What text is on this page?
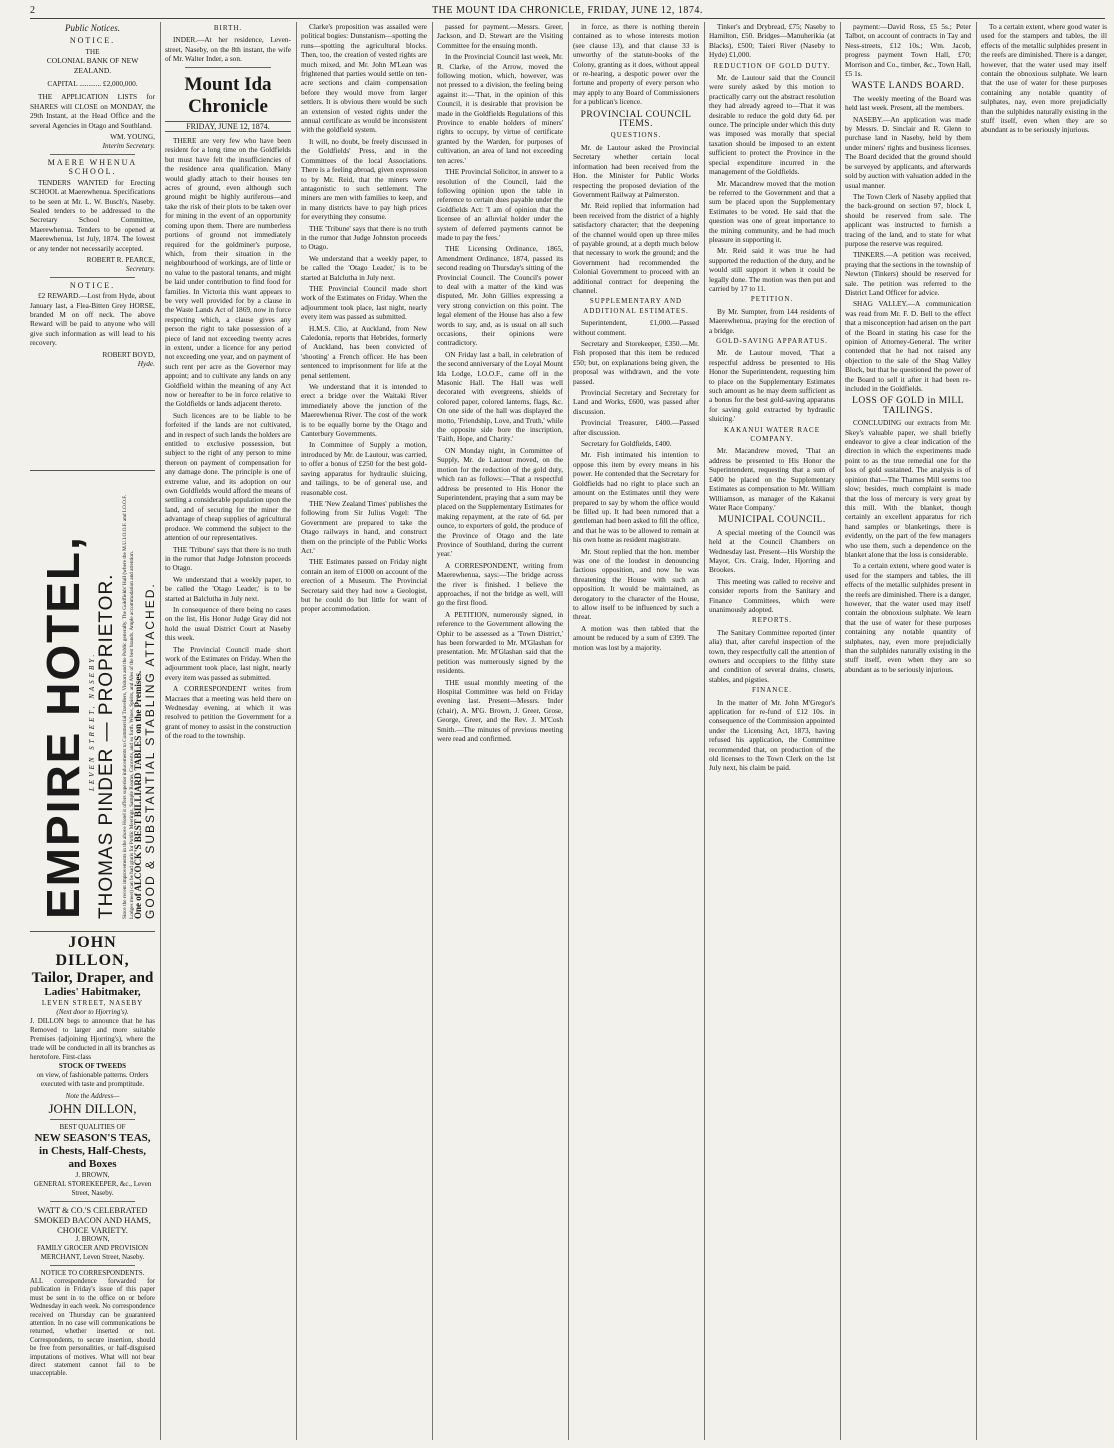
2	THE MOUNT IDA CHRONICLE, FRIDAY, JUNE 12, 1874.
Public Notices.
NOTICE.
THE
COLONIAL BANK OF NEW ZEALAND.
CAPITAL ............ £2,000,000.

THE APPLICATION LISTS for SHARES will CLOSE on MONDAY, the 29th Instant, at the Head Office and the several Agencies in Otago and Southland.

WM. YOUNG,
Interim Secretary.
MAERE WHENUA SCHOOL.

TENDERS WANTED for Erecting SCHOOL at Maerewhenua. Specifications to be seen at Mr. L. W. Busch's, Naseby. Sealed tenders to be addressed to the Secretary School Committee, Maerewhenua. Tenders to be opened at Maerewhenua, 1st July, 1874. The lowest or any tender not necessarily accepted.

ROBERT R. PEARCE,
Secretary.
NOTICE.

£2 REWARD.—Lost from Hyde, about January last, a Flea-Bitten Grey HORSE, branded M on off neck. The above Reward will be paid to anyone who will give such information as will lead to his recovery.

ROBERT BOYD,
Hyde.
EMPIRE HOTEL, LEVEN STREET, NASEBY. THOMAS PINDER — PROPRIETOR. Since the recent improvements in the above Hotel it offers superior inducements to Commercial Travellers, Visitors and the Public generally. The Goldfields' Hall (where the M.U.I.O.O.F. and I.O.O.F. Lodges meet) can be had gratis for Public Meetings, Sample Rooms, Concerts, and so forth. Wines, Spirits, and Ales of the best brands. Ample accommodation and attention.
One of ALCOCK'S BEST BILLIARD TABLES on the Premises. GOOD & SUBSTANTIAL STABLING ATTACHED.
JOHN DILLON,
Tailor, Draper, and
Ladies' Habitmaker,
LEVEN STREET, NASEBY
(Next door to Hjorring's).
J. DILLON begs to announce that he has Removed to larger and more suitable Premises (adjoining Hjorring's), where the trade will be conducted in all its branches as heretofore. First-class
STOCK OF TWEEDS
on view, of fashionable patterns. Orders executed with taste and promptitude.
Note the Address—
JOHN DILLON,
BEST QUALITIES OF
NEW SEASON'S TEAS, in Chests, Half-Chests, and Boxes
J. BROWN,
GENERAL STOREKEEPER, &c., Leven Street, Naseby.
WATT & CO.'S CELEBRATED SMOKED BACON AND HAMS, CHOICE VARIETY.
J. BROWN,
FAMILY GROCER AND PROVISION MERCHANT, Leven Street, Naseby.
NOTICE TO CORRESPONDENTS.
ALL correspondence forwarded for publication in Friday's issue of this paper must be sent in to the office on or before Wednesday in each week. No correspondence received on Thursday can be guaranteed attention. In no case will communications be returned, whether inserted or not. Correspondents, to secure insertion, should be free from personalities, or half-disguised imputations of motives. What will not bear direct statement cannot fail to be unacceptable.
BIRTH.

INDER.—At her residence, Leven-street, Naseby, on the 8th instant, the wife of Mr. Walter Inder, a son.

Mount Ida Chronicle
FRIDAY, JUNE 12, 1874.

THERE are very few who have been resident for a long time on the Goldfields but must have felt the insufficiencies of the residence area qualification. Many would gladly attach to their houses ten acres of ground, even although such ground might be highly auriferous—and take the risk of their plots to be taken over for mining in the event of an opportunity coming upon them. There are numberless portions of ground not immediately required for the goldminer's purpose, which, from their situation in the neighbourhood of workings, are of little or no value to the pastoral tenants, and might be laid under contribution to find food for families. In Victoria this want appears to be very well provided for by a clause in the Waste Lands Act of 1869, now in force respecting which, a clause gives any person the right to take possession of a piece of land not exceeding twenty acres in extent, under a licence for any period not exceeding one year, and on payment of such rent per acre as the Governor may appoint; and to cultivate any lands on any Goldfield within the meaning of any Act now or hereafter to be in force relative to the Goldfields or lands adjacent thereto.

Such licences are to be liable to be forfeited if the lands are not cultivated, and in respect of such lands the holders are entitled to exclusive possession, but subject to the right of any person to mine thereon on payment of compensation for any damage done. The principle is one of extreme value, and its adoption on our own Goldfields would afford the means of settling a considerable population upon the land, and of securing for the miner the advantage of cheap supplies of agricultural produce. We commend the subject to the attention of our representatives.

THE 'Tribune' says that there is no truth in the rumor that Judge Johnston proceeds to Otago.

We understand that a weekly paper, to be called the 'Otago Leader,' is to be started at Balclutha in July next.

In consequence of there being no cases on the list, His Honor Judge Gray did not hold the usual District Court at Naseby this week.

The Provincial Council made short work of the Estimates on Friday. When the adjournment took place, last night, nearly every item was passed as submitted.

A CORRESPONDENT writes from Macraes that a meeting was held there on Wednesday evening, at which it was resolved to petition the Government for a grant of money to assist in the construction of the road to the township.

Clarke's proposition was assailed were political bogies: Dunstanism—spotting the runs—spotting the agricultural blocks. Then, too, the creation of vested rights are much mixed, and Mr. John M'Lean was frightened that parties would settle on ten-acre sections and claim compensation before they would move from larger settlers. It is obvious there would be such an extension of vested rights under the annual certificate as would be inconsistent with the goldfield system.

It will, no doubt, be freely discussed in the Goldfields' Press, and in the Committees of the local Associations. There is a feeling abroad, given expression to by Mr. Reid, that the miners were antagonistic to such settlement. The miners are men with families to keep, and in many districts have to pay high prices for everything they consume.

THE 'Tribune' says that there is no truth in the rumor that Judge Johnston proceeds to Otago.

We understand that a weekly paper, to be called the 'Otago Leader,' is to be started at Balclutha in July next.

THE Provincial Council made short work of the Estimates on Friday. When the adjournment took place, last night, nearly every item was passed as submitted.

H.M.S. Clio, at Auckland, from New Caledonia, reports that Hebrides, formerly of Auckland, has been convicted of 'shooting' a French officer. He has been sentenced to imprisonment for life at the penal settlement.

We understand that it is intended to erect a bridge over the Waitaki River immediately above the junction of the Maerewhenua River. The cost of the work is to be equally borne by the Otago and Canterbury Governments.

In Committee of Supply a motion, introduced by Mr. de Lautour, was carried, to offer a bonus of £250 for the best gold-saving apparatus for hydraulic sluicing, and tailings, to be of general use, and reasonable cost.

THE 'New Zealand Times' publishes the following from Sir Julius Vogel: 'The Government are prepared to take the Otago railways in hand, and construct them on the principle of the Public Works Act.'

THE Estimates passed on Friday night contain an item of £1000 on account of the erection of a Museum. The Provincial Secretary said they had now a Geologist, but he could do but little for want of proper accommodation.

passed for payment.—Messrs. Greer, Jackson, and D. Stewart are the Visiting Committee for the ensuing month.

In the Provincial Council last week, Mr. R. Clarke, of the Arrow, moved the following motion, which, however, was not pressed to a division, the feeling being against it:—'That, in the opinion of this Council, it is desirable that provision be made in the Goldfields Regulations of this Province to enable holders of miners' rights to occupy, by virtue of certificate granted by the Warden, for purposes of cultivation, an area of land not exceeding ten acres.'

THE Provincial Solicitor, in answer to a resolution of the Council, laid the following opinion upon the table in reference to certain dues payable under the Goldfields Act: 'I am of opinion that the licensee of an alluvial holder under the system of deferred payments cannot be made to pay the fees.'

THE Licensing Ordinance, 1865, Amendment Ordinance, 1874, passed its second reading on Thursday's sitting of the Provincial Council. The Council's power to deal with a matter of the kind was disputed, Mr. John Gillies expressing a very strong conviction on this point. The legal element of the House has also a few words to say, and, as is usual on all such occasions, their opinions were contradictory.

ON Friday last a ball, in celebration of the second anniversary of the Loyal Mount Ida Lodge, I.O.O.F., came off in the Masonic Hall. The Hall was well decorated with evergreens, shields of colored paper, colored lanterns, flags, &c. On one side of the hall was displayed the motto, 'Friendship, Love, and Truth,' while the opposite side bore the inscription, 'Faith, Hope, and Charity.'

ON Monday night, in Committee of Supply, Mr. de Lautour moved, on the motion for the reduction of the gold duty, which ran as follows:—'That a respectful address be presented to His Honor the Superintendent, praying that a sum may be placed on the Supplementary Estimates for making repayment, at the rate of 6d. per ounce, to exporters of gold, the produce of the Province of Otago and the late Province of Southland, during the current year.'

A CORRESPONDENT, writing from Maerewhenua, says:—The bridge across the river is finished. I believe the approaches, if not the bridge as well, will go the first flood.

A PETITION, numerously signed, in reference to the Government allowing the Ophir to be assessed as a 'Town District,' has been forwarded to Mr. M'Glashan for presentation. Mr. M'Glashan said that the petition was numerously signed by the residents.

THE usual monthly meeting of the Hospital Committee was held on Friday evening last. Present—Messrs. Inder (chair), A. M'G. Brown, J. Greer, Grose, George, Greer, and the Rev. J. M'Cosh Smith.—The minutes of previous meeting were read and confirmed.

in force, as there is nothing therein contained as to whose interests motion (see clause 13), and that clause 33 is unworthy of the statute-books of the Colony, granting as it does, without appeal or re-hearing, a despotic power over the fortune and property of every person who may apply to any Board of Commissioners for a publican's licence.

PROVINCIAL COUNCIL ITEMS.
QUESTIONS.

Mr. de Lautour asked the Provincial Secretary whether certain local information had been received from the Hon. the Minister for Public Works respecting the proposed deviation of the Government Railway at Palmerston.

Mr. Reid replied that information had been received from the district of a highly satisfactory character; that the deepening of the channel would open up three miles of payable ground, at a depth much below that necessary to work the ground; and the Government had recommended the Colonial Government to proceed with an additional contract for deepening the channel.

SUPPLEMENTARY AND ADDITIONAL ESTIMATES.

Superintendent, £1,000.—Passed without comment.

Secretary and Storekeeper, £350.—Mr. Fish proposed that this item be reduced £50; but, on explanations being given, the proposal was withdrawn, and the vote passed.

Provincial Secretary and Secretary for Land and Works, £600, was passed after discussion.

Provincial Treasurer, £400.—Passed after discussion.

Secretary for Goldfields, £400.

Mr. Fish intimated his intention to oppose this item by every means in his power. He contended that the Secretary for Goldfields had no right to place such an amount on the Estimates until they were prepared to say by whom the office would be filled up. It had been rumored that a gentleman had been asked to fill the office, and that he was to be allowed to remain at his own home as resident magistrate.

Mr. Stout replied that the hon. member was one of the loudest in denouncing factious opposition, and now he was threatening the House with such an opposition. It would be maintained, as derogatory to the character of the House, to allow itself to be influenced by such a threat.

A motion was then tabled that the amount be reduced by a sum of £399. The motion was lost by a majority.

Tinker's and Drybread, £75; Naseby to Hamilton, £50. Bridges—Manuherikia (at Blacks), £500; Taieri River (Naseby to Hyde) £1,000.

REDUCTION OF GOLD DUTY.

Mr. de Lautour said that the Council were surely asked by this motion to practically carry out the abstract resolution they had already agreed to—That it was desirable to reduce the gold duty 6d. per ounce. The principle under which this duty was imposed was morally that special taxation should be imposed to an extent sufficient to protect the Province in the special expenditure incurred in the management of the Goldfields.

Mr. Macandrew moved that the motion be referred to the Government and that a sum be placed upon the Supplementary Estimates to be voted. He said that the question was one of great importance to the mining community, and he had much pleasure in supporting it.

Mr. Reid said it was true he had supported the reduction of the duty, and he would still support it when it could be legally done. The motion was then put and carried by 17 to 11.

PETITION.

By Mr. Sumpter, from 144 residents of Maerewhenua, praying for the erection of a bridge.

GOLD-SAVING APPARATUS.

Mr. de Lautour moved, 'That a respectful address be presented to His Honor the Superintendent, requesting him to place on the Supplementary Estimates such amount as he may deem sufficient as a bonus for the best gold-saving apparatus for saving gold extracted by hydraulic sluicing.'

KAKANUI WATER RACE COMPANY.

Mr. Macandrew moved, 'That an address be presented to His Honor the Superintendent, requesting that a sum of £400 be placed on the Supplementary Estimates as compensation to Mr. William Williamson, as manager of the Kakanui Water Race Company.'

MUNICIPAL COUNCIL.

A special meeting of the Council was held at the Council Chambers on Wednesday last. Present—His Worship the Mayor, Crs. Craig, Inder, Hjorring and Brookes.

This meeting was called to receive and consider reports from the Sanitary and Finance Committees, which were unanimously adopted.

REPORTS.

The Sanitary Committee reported (inter alia) that, after careful inspection of the town, they respectfully call the attention of owners and occupiers to the filthy state and condition of several drains, closets, stables, and pigsties.

FINANCE.

In the matter of Mr. John M'Gregor's application for re-fund of £12 10s. in consequence of the Commission appointed under the Licensing Act, 1873, having refused his application, the Committee recommended that, on production of the old licenses to the Town Clerk on the 1st July next, his claim be paid.

payment:—David Ross, £5 5s.; Peter Talbot, on account of contracts in Tay and Ness-streets, £12 10s.; Wm. Jacob, progress payment Town Hall, £70; Morrison and Co., timber, &c., Town Hall, £5 1s.

WASTE LANDS BOARD.

The weekly meeting of the Board was held last week. Present, all the members.

NASEBY.—An application was made by Messrs. D. Sinclair and R. Glenn to purchase land in Naseby, held by them under miners' rights and business licenses. The Board decided that the ground should be surveyed by applicants, and afterwards sold by auction with valuation added in the usual manner.

The Town Clerk of Naseby applied that the back-ground on section 97, block I, should be reserved from sale. The applicant was instructed to furnish a tracing of the land, and to state for what purpose the reserve was required.

TINKERS.—A petition was received, praying that the sections in the township of Newton (Tinkers) should be reserved for sale. The petition was referred to the District Land Officer for advice.

SHAG VALLEY.—A communication was read from Mr. F. D. Bell to the effect that a misconception had arisen on the part of the Board in stating his case for the opinion of Attorney-General. The writer contended that he had not raised any objection to the sale of the Shag Valley Block, but that he questioned the power of the Board to sell it after it had been re-included in the Goldfields.

LOSS OF GOLD in MILL TAILINGS.

CONCLUDING our extracts from Mr. Skey's valuable paper, we shall briefly endeavor to give a clear indication of the direction in which the experiments made point to as the true remedial one for the loss of gold sustained. The analysis is of opinion that—The Thames Mill seems too slow; besides, much complaint is made that the loss of mercury is very great by this mill. With the blanket, though certainly an excellent apparatus for rich hand samples or blanketings, there is evidently, on the part of the few managers who use them, such a dependence on the blanket alone that the loss is considerable.

To a certain extent, where good water is used for the stampers and tables, the ill effects of the metallic sulphides present in the reefs are diminished. There is a danger, however, that the water used may itself contain the obnoxious sulphate. We learn that the use of water for these purposes containing any notable quantity of sulphates, nay, even more prejudicially than the sulphides naturally existing in the stuff itself, even when they are so abundant as to be seriously injurious.

To a certain extent, where good water is used for the stampers and tables, the ill effects of the metallic sulphides present in the reefs are diminished. There is a danger, however, that the water used may itself contain the obnoxious sulphate. We learn that the use of water for these purposes containing any notable quantity of sulphates, nay, even more prejudicially than the sulphides naturally existing in the stuff itself, even when they are so abundant as to be seriously injurious.
